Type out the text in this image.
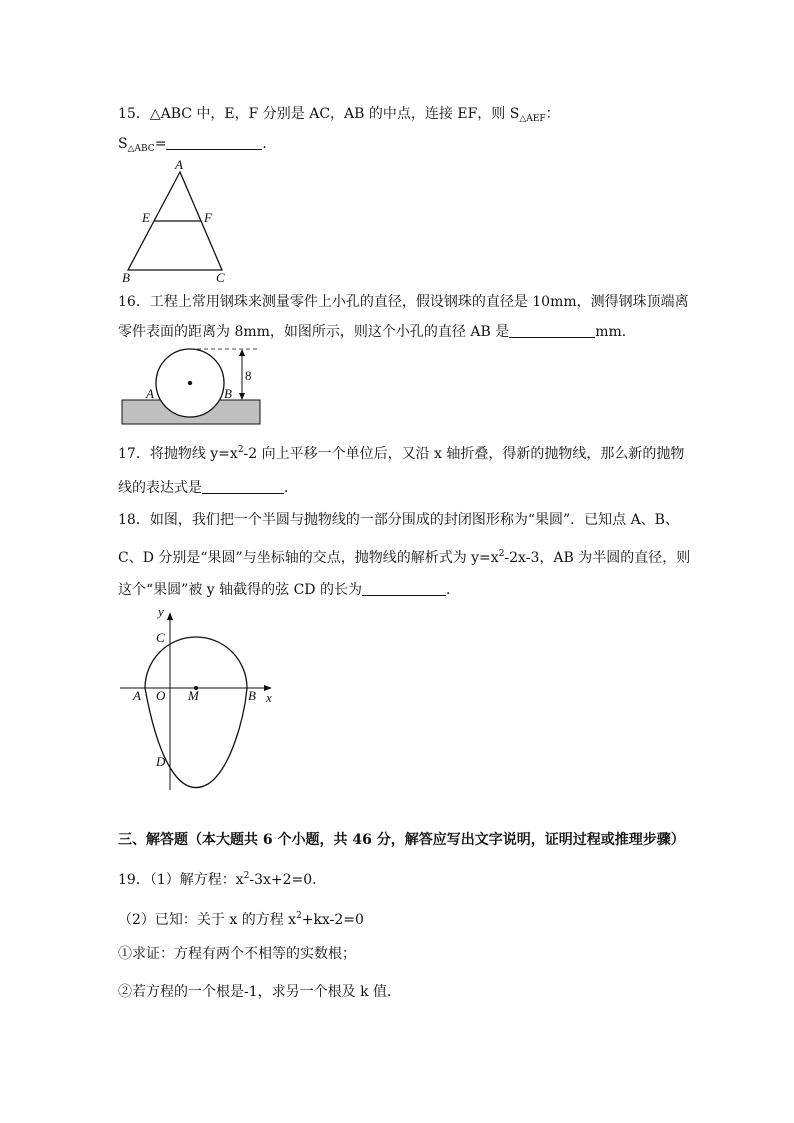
15．△ABC 中，E，F 分别是 AC，AB 的中点，连接 EF，则 $S_{\triangle AEF}$：
$S_{\triangle ABC}=$	．
A
E	F
B	C
16．工程上常用钢珠来测量零件上小孔的直径，假设钢珠的直径是 10mm，测得钢珠顶端离
零件表面的距离为 8mm，如图所示，则这个小孔的直径 AB 是	mm．
8
A	B
17．将抛物线 $y=x^2-2$ 向上平移一个单位后，又沿 x 轴折叠，得新的抛物线，那么新的抛物
线的表达式是	．
18．如图，我们把一个半圆与抛物线的一部分围成的封闭图形称为“果圆”．已知点 A、B、
C、D 分别是“果圆”与坐标轴的交点，抛物线的解析式为 $y=x^2-2x-3$，AB 为半圆的直径，则
这个“果圆”被 y 轴截得的弦 CD 的长为	．
y
C
A O M	B x
D
三、解答题（本大题共 6 个小题，共 46 分，解答应写出文字说明，证明过程或推理步骤）
19．（1）解方程：$x^2-3x+2=0$．
（2）已知：关于 x 的方程 $x^2+kx-2=0$
①求证：方程有两个不相等的实数根；
②若方程的一个根是-1，求另一个根及 k 值．
